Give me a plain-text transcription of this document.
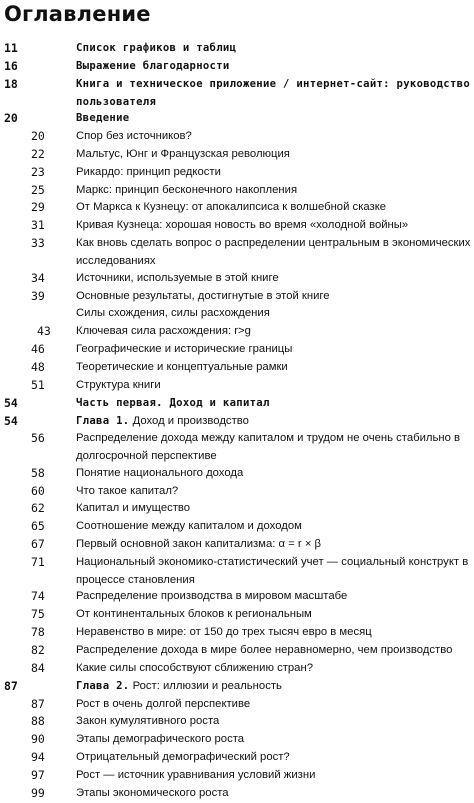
Оглавление
11	Список графиков и таблиц
16	Выражение благодарности
18	Книга и техническое приложение / интернет-сайт: руководство пользователя
20	Введение
20	Спор без источников?
22	Мальтус, Юнг и Французская революция
23	Рикардо: принцип редкости
25	Маркс: принцип бесконечного накопления
29	От Маркса к Кузнецу: от апокалипсиса к волшебной сказке
31	Кривая Кузнеца: хорошая новость во время «холодной войны»
33	Как вновь сделать вопрос о распределении центральным в экономических исследованиях
34	Источники, используемые в этой книге
39	Основные результаты, достигнутые в этой книге
Силы схождения, силы расхождения
43 Ключевая сила расхождения: r>g
46	Географические и исторические границы
48	Теоретические и концептуальные рамки
51	Структура книги
54	Часть первая. Доход и капитал
54	Глава 1. Доход и производство
56	Распределение дохода между капиталом и трудом не очень стабильно в долгосрочной перспективе
58	Понятие национального дохода
60	Что такое капитал?
62	Капитал и имущество
65	Соотношение между капиталом и доходом
67	Первый основной закон капитализма: α = r × β
71	Национальный экономико-статистический учет — социальный конструкт в процессе становления
74	Распределение производства в мировом масштабе
75	От континентальных блоков к региональным
78	Неравенство в мире: от 150 до трех тысяч евро в месяц
82	Распределение дохода в мире более неравномерно, чем производство
84	Какие силы способствуют сближению стран?
87	Глава 2. Рост: иллюзии и реальность
87	Рост в очень долгой перспективе
88	Закон кумулятивного роста
90	Этапы демографического роста
94	Отрицательный демографический рост?
97	Рост — источник уравнивания условий жизни
99	Этапы экономического роста
